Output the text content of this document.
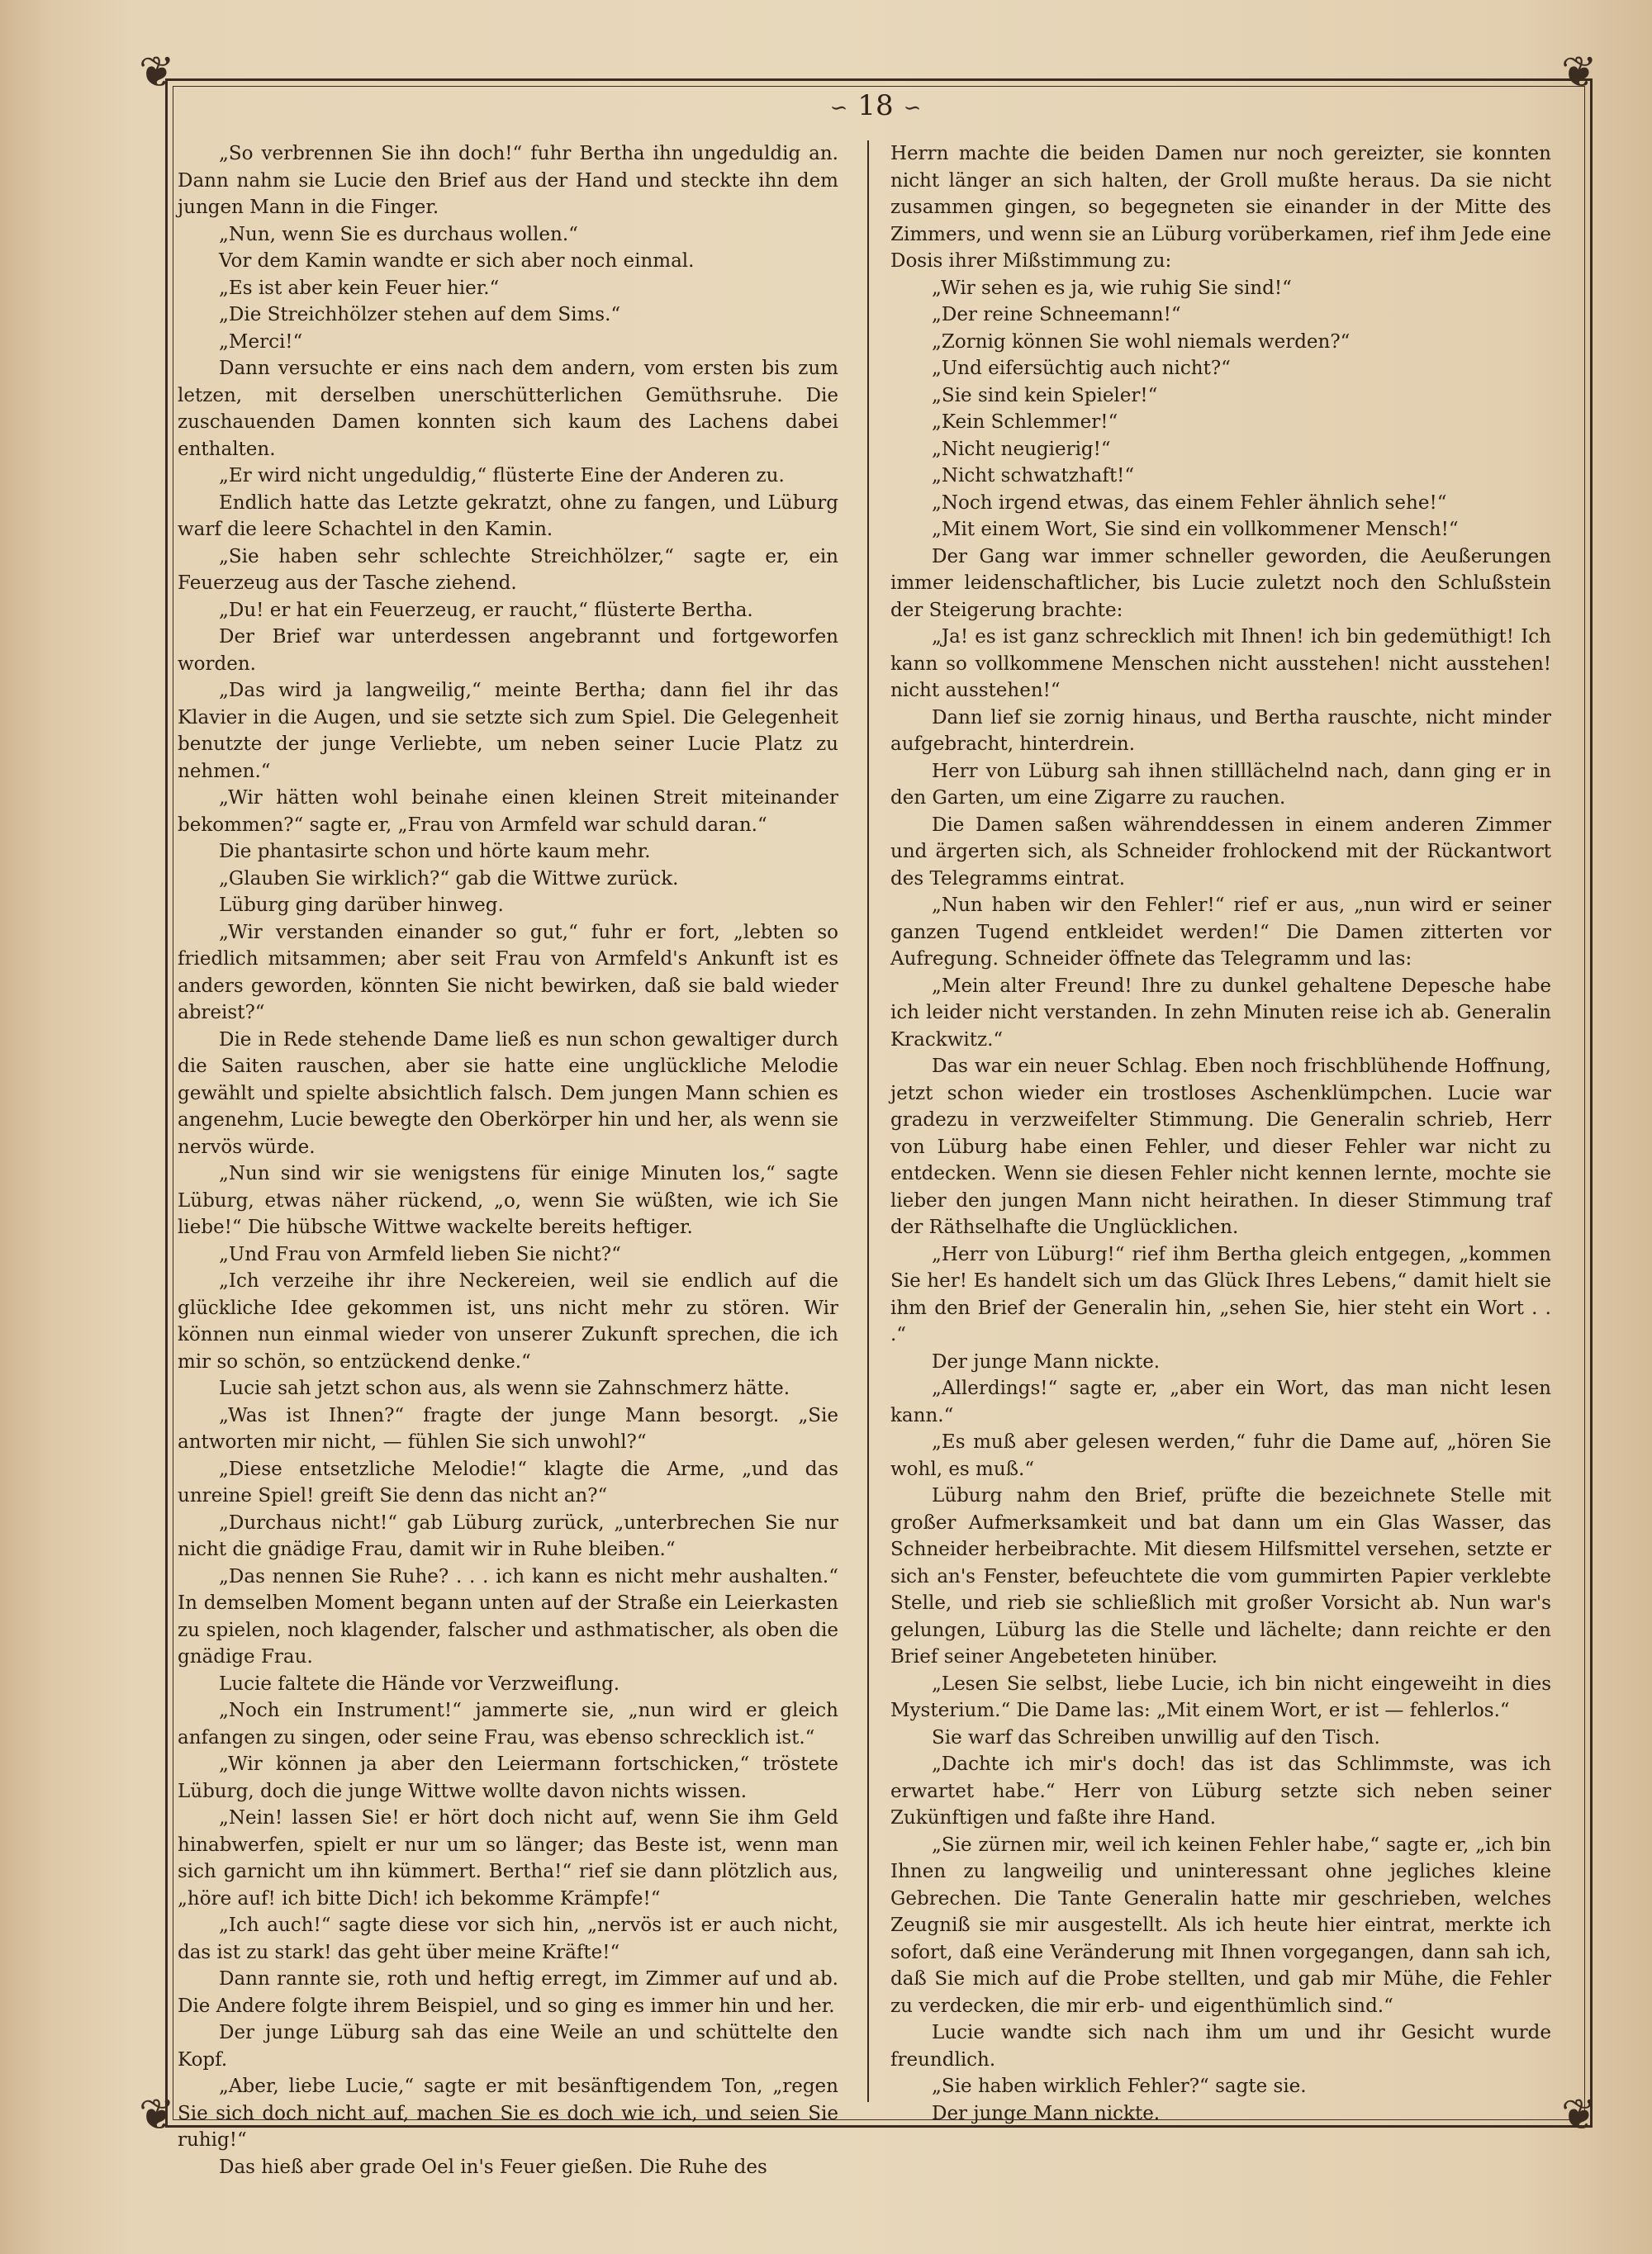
❦	❦
❦	❦
∽ 18 ∽

„So verbrennen Sie ihn doch!“ fuhr Bertha ihn ungeduldig an. Dann nahm sie Lucie den Brief aus der Hand und steckte ihn dem jungen Mann in die Finger.

„Nun, wenn Sie es durchaus wollen.“

Vor dem Kamin wandte er sich aber noch einmal.

„Es ist aber kein Feuer hier.“

„Die Streichhölzer stehen auf dem Sims.“

„Merci!“

Dann versuchte er eins nach dem andern, vom ersten bis zum letzen, mit derselben unerschütterlichen Gemüthsruhe. Die zuschauenden Damen konnten sich kaum des Lachens dabei enthalten.

„Er wird nicht ungeduldig,“ flüsterte Eine der Anderen zu.

Endlich hatte das Letzte gekratzt, ohne zu fangen, und Lüburg warf die leere Schachtel in den Kamin.

„Sie haben sehr schlechte Streichhölzer,“ sagte er, ein Feuerzeug aus der Tasche ziehend.

„Du! er hat ein Feuerzeug, er raucht,“ flüsterte Bertha.

Der Brief war unterdessen angebrannt und fortgeworfen worden.

„Das wird ja langweilig,“ meinte Bertha; dann fiel ihr das Klavier in die Augen, und sie setzte sich zum Spiel. Die Gelegenheit benutzte der junge Verliebte, um neben seiner Lucie Platz zu nehmen.“

„Wir hätten wohl beinahe einen kleinen Streit miteinander bekommen?“ sagte er, „Frau von Armfeld war schuld daran.“

Die phantasirte schon und hörte kaum mehr.

„Glauben Sie wirklich?“ gab die Wittwe zurück.

Lüburg ging darüber hinweg.

„Wir verstanden einander so gut,“ fuhr er fort, „lebten so friedlich mitsammen; aber seit Frau von Armfeld's Ankunft ist es anders geworden, könnten Sie nicht bewirken, daß sie bald wieder abreist?“

Die in Rede stehende Dame ließ es nun schon gewaltiger durch die Saiten rauschen, aber sie hatte eine unglückliche Melodie gewählt und spielte absichtlich falsch. Dem jungen Mann schien es angenehm, Lucie bewegte den Oberkörper hin und her, als wenn sie nervös würde.

„Nun sind wir sie wenigstens für einige Minuten los,“ sagte Lüburg, etwas näher rückend, „o, wenn Sie wüßten, wie ich Sie liebe!“ Die hübsche Wittwe wackelte bereits heftiger.

„Und Frau von Armfeld lieben Sie nicht?“

„Ich verzeihe ihr ihre Neckereien, weil sie endlich auf die glückliche Idee gekommen ist, uns nicht mehr zu stören. Wir können nun einmal wieder von unserer Zukunft sprechen, die ich mir so schön, so entzückend denke.“

Lucie sah jetzt schon aus, als wenn sie Zahnschmerz hätte.

„Was ist Ihnen?“ fragte der junge Mann besorgt. „Sie antworten mir nicht, — fühlen Sie sich unwohl?“

„Diese entsetzliche Melodie!“ klagte die Arme, „und das unreine Spiel! greift Sie denn das nicht an?“

„Durchaus nicht!“ gab Lüburg zurück, „unterbrechen Sie nur nicht die gnädige Frau, damit wir in Ruhe bleiben.“

„Das nennen Sie Ruhe? . . . ich kann es nicht mehr aushalten.“ In demselben Moment begann unten auf der Straße ein Leierkasten zu spielen, noch klagender, falscher und asthmatischer, als oben die gnädige Frau.

Lucie faltete die Hände vor Verzweiflung.

„Noch ein Instrument!“ jammerte sie, „nun wird er gleich anfangen zu singen, oder seine Frau, was ebenso schrecklich ist.“

„Wir können ja aber den Leiermann fortschicken,“ tröstete Lüburg, doch die junge Wittwe wollte davon nichts wissen.

„Nein! lassen Sie! er hört doch nicht auf, wenn Sie ihm Geld hinabwerfen, spielt er nur um so länger; das Beste ist, wenn man sich garnicht um ihn kümmert. Bertha!“ rief sie dann plötzlich aus, „höre auf! ich bitte Dich! ich bekomme Krämpfe!“

„Ich auch!“ sagte diese vor sich hin, „nervös ist er auch nicht, das ist zu stark! das geht über meine Kräfte!“

Dann rannte sie, roth und heftig erregt, im Zimmer auf und ab. Die Andere folgte ihrem Beispiel, und so ging es immer hin und her.

Der junge Lüburg sah das eine Weile an und schüttelte den Kopf.

„Aber, liebe Lucie,“ sagte er mit besänftigendem Ton, „regen Sie sich doch nicht auf, machen Sie es doch wie ich, und seien Sie ruhig!“

Das hieß aber grade Oel in's Feuer gießen. Die Ruhe des

Herrn machte die beiden Damen nur noch gereizter, sie konnten nicht länger an sich halten, der Groll mußte heraus. Da sie nicht zusammen gingen, so begegneten sie einander in der Mitte des Zimmers, und wenn sie an Lüburg vorüberkamen, rief ihm Jede eine Dosis ihrer Mißstimmung zu:

„Wir sehen es ja, wie ruhig Sie sind!“

„Der reine Schneemann!“

„Zornig können Sie wohl niemals werden?“

„Und eifersüchtig auch nicht?“

„Sie sind kein Spieler!“

„Kein Schlemmer!“

„Nicht neugierig!“

„Nicht schwatzhaft!“

„Noch irgend etwas, das einem Fehler ähnlich sehe!“

„Mit einem Wort, Sie sind ein vollkommener Mensch!“

Der Gang war immer schneller geworden, die Aeußerungen immer leidenschaftlicher, bis Lucie zuletzt noch den Schlußstein der Steigerung brachte:

„Ja! es ist ganz schrecklich mit Ihnen! ich bin gedemüthigt! Ich kann so vollkommene Menschen nicht ausstehen! nicht ausstehen! nicht ausstehen!“

Dann lief sie zornig hinaus, und Bertha rauschte, nicht minder aufgebracht, hinterdrein.

Herr von Lüburg sah ihnen stilllächelnd nach, dann ging er in den Garten, um eine Zigarre zu rauchen.

Die Damen saßen währenddessen in einem anderen Zimmer und ärgerten sich, als Schneider frohlockend mit der Rückantwort des Telegramms eintrat.

„Nun haben wir den Fehler!“ rief er aus, „nun wird er seiner ganzen Tugend entkleidet werden!“ Die Damen zitterten vor Aufregung. Schneider öffnete das Telegramm und las:

„Mein alter Freund! Ihre zu dunkel gehaltene Depesche habe ich leider nicht verstanden. In zehn Minuten reise ich ab. Generalin Krackwitz.“

Das war ein neuer Schlag. Eben noch frischblühende Hoffnung, jetzt schon wieder ein trostloses Aschenklümpchen. Lucie war gradezu in verzweifelter Stimmung. Die Generalin schrieb, Herr von Lüburg habe einen Fehler, und dieser Fehler war nicht zu entdecken. Wenn sie diesen Fehler nicht kennen lernte, mochte sie lieber den jungen Mann nicht heirathen. In dieser Stimmung traf der Räthselhafte die Unglücklichen.

„Herr von Lüburg!“ rief ihm Bertha gleich entgegen, „kommen Sie her! Es handelt sich um das Glück Ihres Lebens,“ damit hielt sie ihm den Brief der Generalin hin, „sehen Sie, hier steht ein Wort . . .“

Der junge Mann nickte.

„Allerdings!“ sagte er, „aber ein Wort, das man nicht lesen kann.“

„Es muß aber gelesen werden,“ fuhr die Dame auf, „hören Sie wohl, es muß.“

Lüburg nahm den Brief, prüfte die bezeichnete Stelle mit großer Aufmerksamkeit und bat dann um ein Glas Wasser, das Schneider herbeibrachte. Mit diesem Hilfsmittel versehen, setzte er sich an's Fenster, befeuchtete die vom gummirten Papier verklebte Stelle, und rieb sie schließlich mit großer Vorsicht ab. Nun war's gelungen, Lüburg las die Stelle und lächelte; dann reichte er den Brief seiner Angebeteten hinüber.

„Lesen Sie selbst, liebe Lucie, ich bin nicht eingeweiht in dies Mysterium.“ Die Dame las: „Mit einem Wort, er ist — fehlerlos.“

Sie warf das Schreiben unwillig auf den Tisch.

„Dachte ich mir's doch! das ist das Schlimmste, was ich erwartet habe.“ Herr von Lüburg setzte sich neben seiner Zukünftigen und faßte ihre Hand.

„Sie zürnen mir, weil ich keinen Fehler habe,“ sagte er, „ich bin Ihnen zu langweilig und uninteressant ohne jegliches kleine Gebrechen. Die Tante Generalin hatte mir geschrieben, welches Zeugniß sie mir ausgestellt. Als ich heute hier eintrat, merkte ich sofort, daß eine Veränderung mit Ihnen vorgegangen, dann sah ich, daß Sie mich auf die Probe stellten, und gab mir Mühe, die Fehler zu verdecken, die mir erb- und eigenthümlich sind.“

Lucie wandte sich nach ihm um und ihr Gesicht wurde freundlich.

„Sie haben wirklich Fehler?“ sagte sie.

Der junge Mann nickte.
